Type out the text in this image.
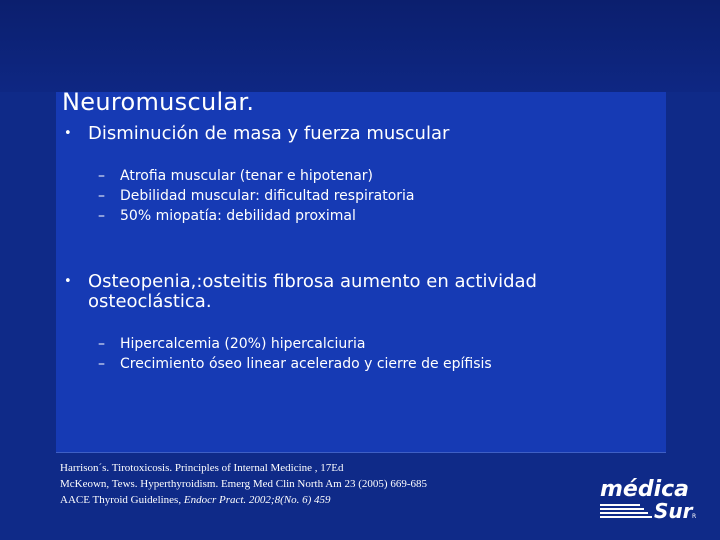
Neuromuscular.
• Disminución de masa y fuerza muscular
– Atrofia muscular (tenar e hipotenar)
– Debilidad muscular: dificultad respiratoria
– 50% miopatía: debilidad proximal
• Osteopenia,:osteitis fibrosa aumento en actividad osteoclástica.
– Hipercalcemia (20%) hipercalciuria
– Crecimiento óseo linear acelerado y cierre de epífisis
Harrison´s. Tirotoxicosis. Principles of Internal Medicine , 17Ed
McKeown, Tews. Hyperthyroidism. Emerg Med Clin North Am 23 (2005) 669-685
AACE Thyroid Guidelines, Endocr Pract. 2002;8(No. 6) 459	médica
Sur R
